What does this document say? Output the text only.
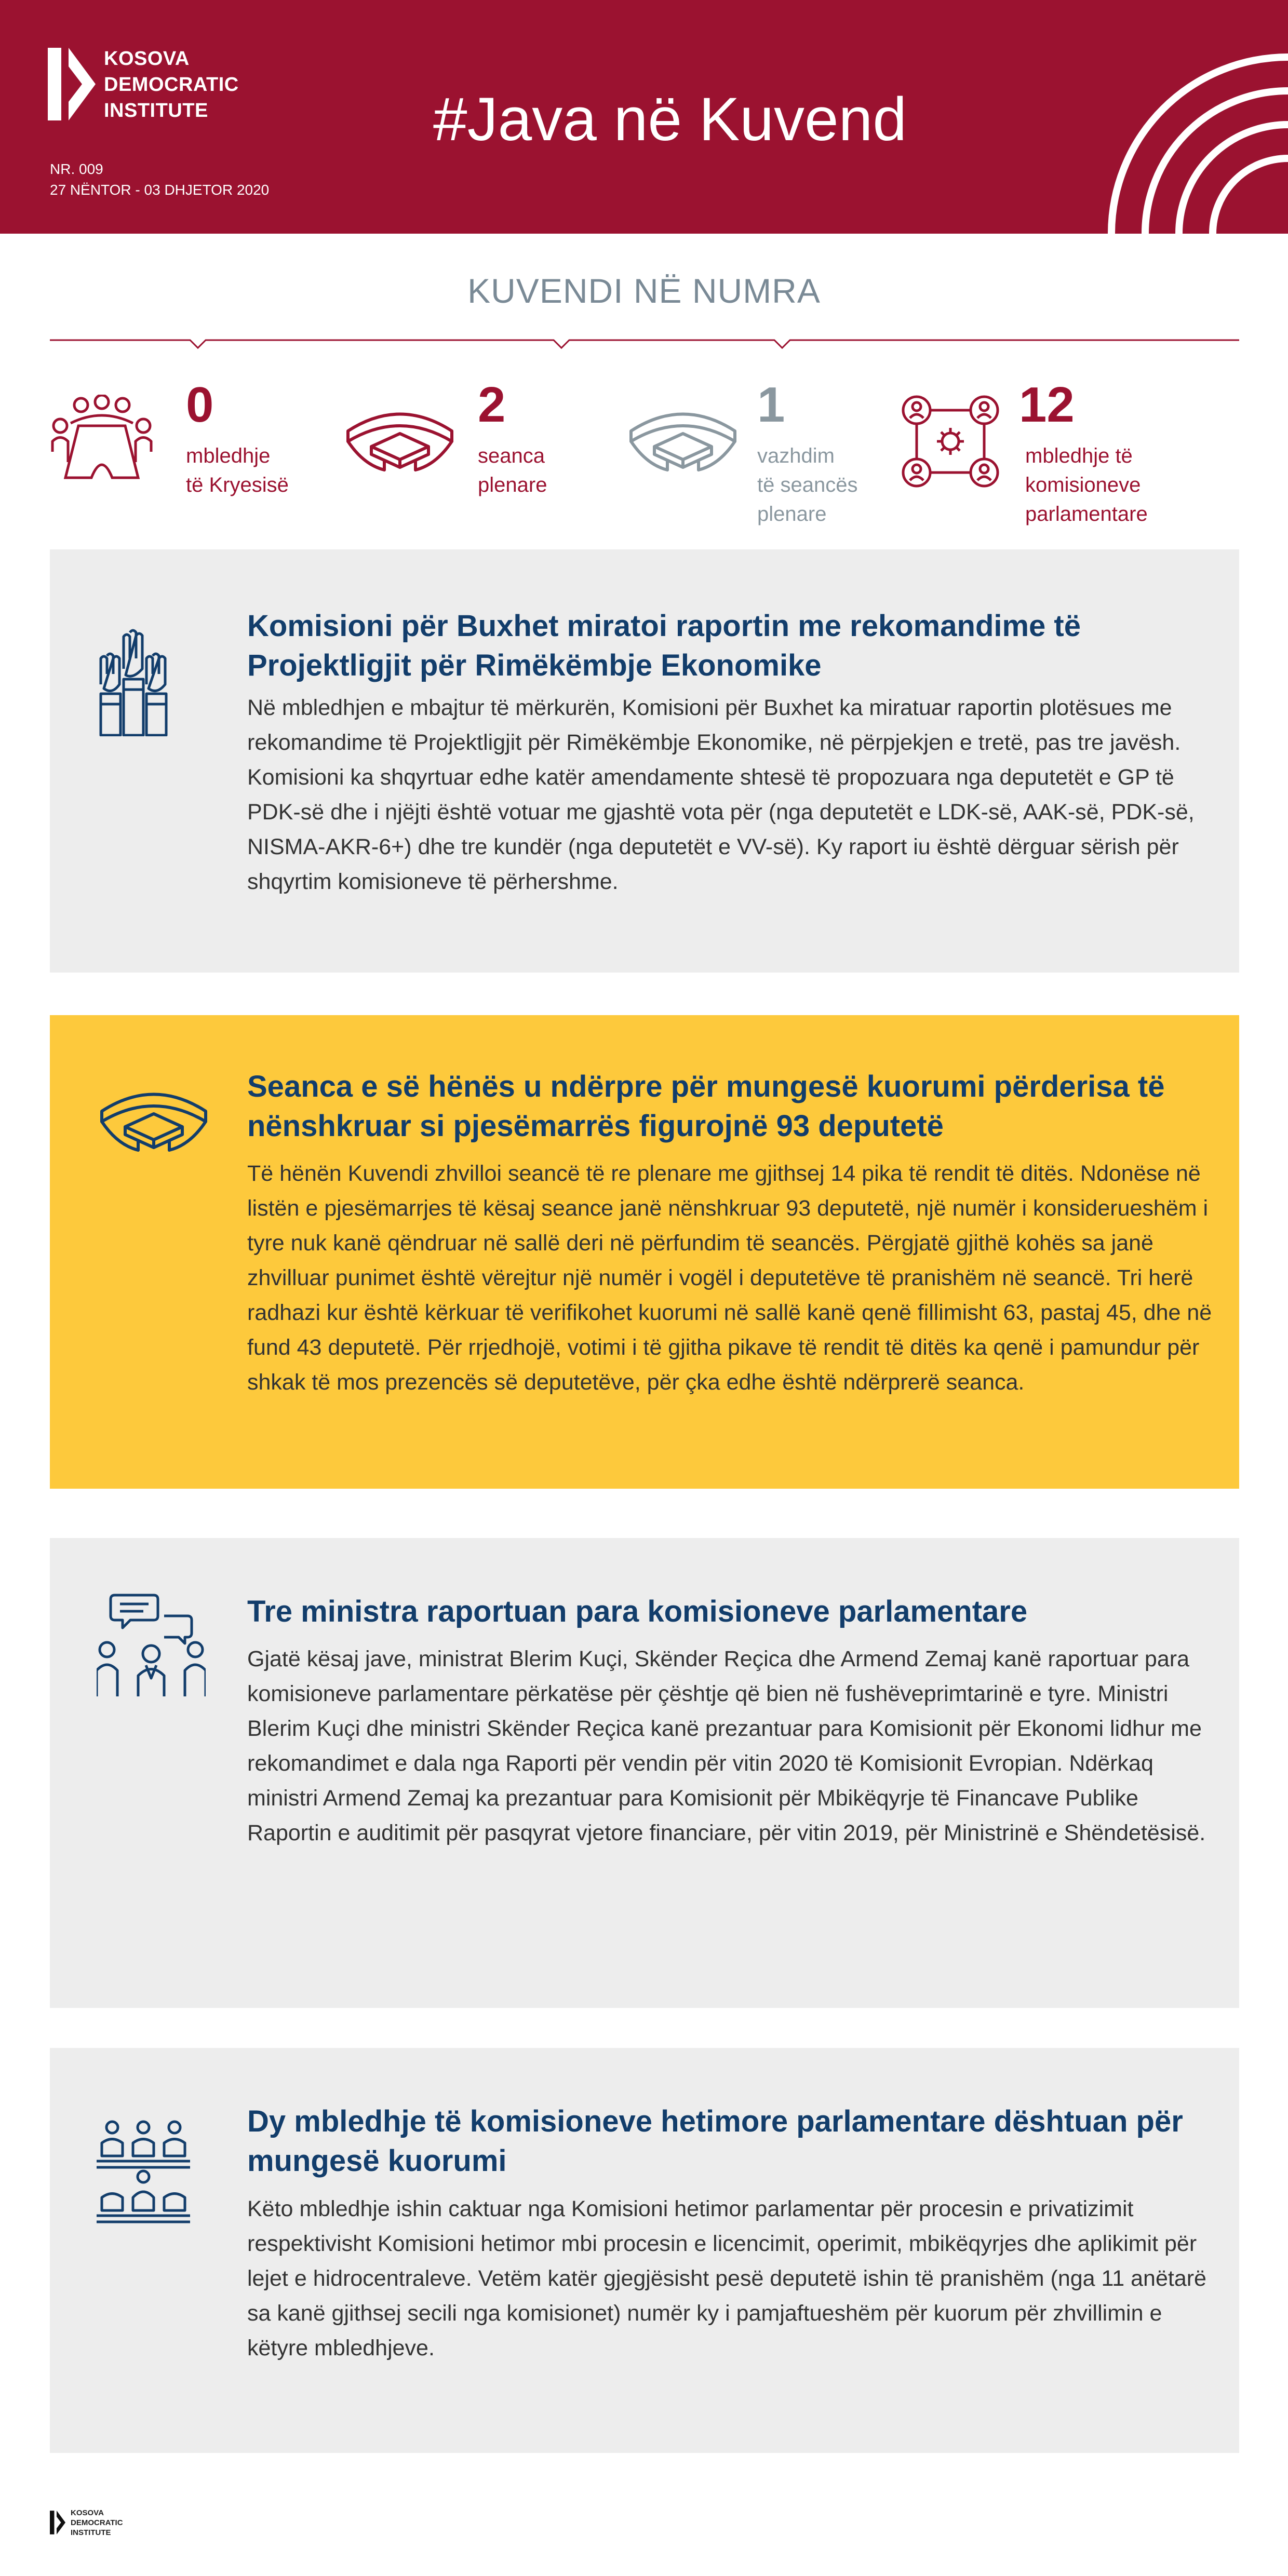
KOSOVA
DEMOCRATIC
INSTITUTE
NR. 009
27 NËNTOR - 03 DHJETOR 2020
#Java në Kuvend
KUVENDI NË NUMRA
0
mbledhje
të Kryesisë
2
seanca
plenare
1
vazhdim
të seancës
plenare
12
mbledhje të
komisioneve
parlamentare
Komisioni për Buxhet miratoi raportin me rekomandime të Projektligjit për Rimëkëmbje Ekonomike

Në mbledhjen e mbajtur të mërkurën, Komisioni për Buxhet ka miratuar raportin plotësues me rekomandime të Projektligjit për Rimëkëmbje Ekonomike, në përpjekjen e tretë, pas tre javësh. Komisioni ka shqyrtuar edhe katër amendamente shtesë të propozuara nga deputetët e GP të PDK-së dhe i njëjti është votuar me gjashtë vota për (nga deputetët e LDK-së, AAK-së, PDK-së, NISMA-AKR-6+) dhe tre kundër (nga deputetët e VV-së). Ky raport iu është dërguar sërish për shqyrtim komisioneve të përhershme.

Seanca e së hënës u ndërpre për mungesë kuorumi përderisa të nënshkruar si pjesëmarrës figurojnë 93 deputetë

Të hënën Kuvendi zhvilloi seancë të re plenare me gjithsej 14 pika të rendit të ditës. Ndonëse në listën e pjesëmarrjes të kësaj seance janë nënshkruar 93 deputetë, një numër i konsiderueshëm i tyre nuk kanë qëndruar në sallë deri në përfundim të seancës. Përgjatë gjithë kohës sa janë zhvilluar punimet është vërejtur një numër i vogël i deputetëve të pranishëm në seancë. Tri herë radhazi kur është kërkuar të verifikohet kuorumi në sallë kanë qenë fillimisht 63, pastaj 45, dhe në fund 43 deputetë. Për rrjedhojë, votimi i të gjitha pikave të rendit të ditës ka qenë i pamundur për shkak të mos prezencës së deputetëve, për çka edhe është ndërprerë seanca.

Tre ministra raportuan para komisioneve parlamentare

Gjatë kësaj jave, ministrat Blerim Kuçi, Skënder Reçica dhe Armend Zemaj kanë raportuar para komisioneve parlamentare përkatëse për çështje që bien në fushëveprimtarinë e tyre. Ministri Blerim Kuçi dhe ministri Skënder Reçica kanë prezantuar para Komisionit për Ekonomi lidhur me rekomandimet e dala nga Raporti për vendin për vitin 2020 të Komisionit Evropian. Ndërkaq ministri Armend Zemaj ka prezantuar para Komisionit për Mbikëqyrje të Financave Publike Raportin e auditimit për pasqyrat vjetore financiare, për vitin 2019, për Ministrinë e Shëndetësisë.

Dy mbledhje të komisioneve hetimore parlamentare dështuan për mungesë kuorumi

Këto mbledhje ishin caktuar nga Komisioni hetimor parlamentar për procesin e privatizimit respektivisht Komisioni hetimor mbi procesin e licencimit, operimit, mbikëqyrjes dhe aplikimit për lejet e hidrocentraleve. Vetëm katër gjegjësisht pesë deputetë ishin të pranishëm (nga 11 anëtarë sa kanë gjithsej secili nga komisionet) numër ky i pamjaftueshëm për kuorum për zhvillimin e këtyre mbledhjeve.

KOSOVA
DEMOCRATIC
INSTITUTE
